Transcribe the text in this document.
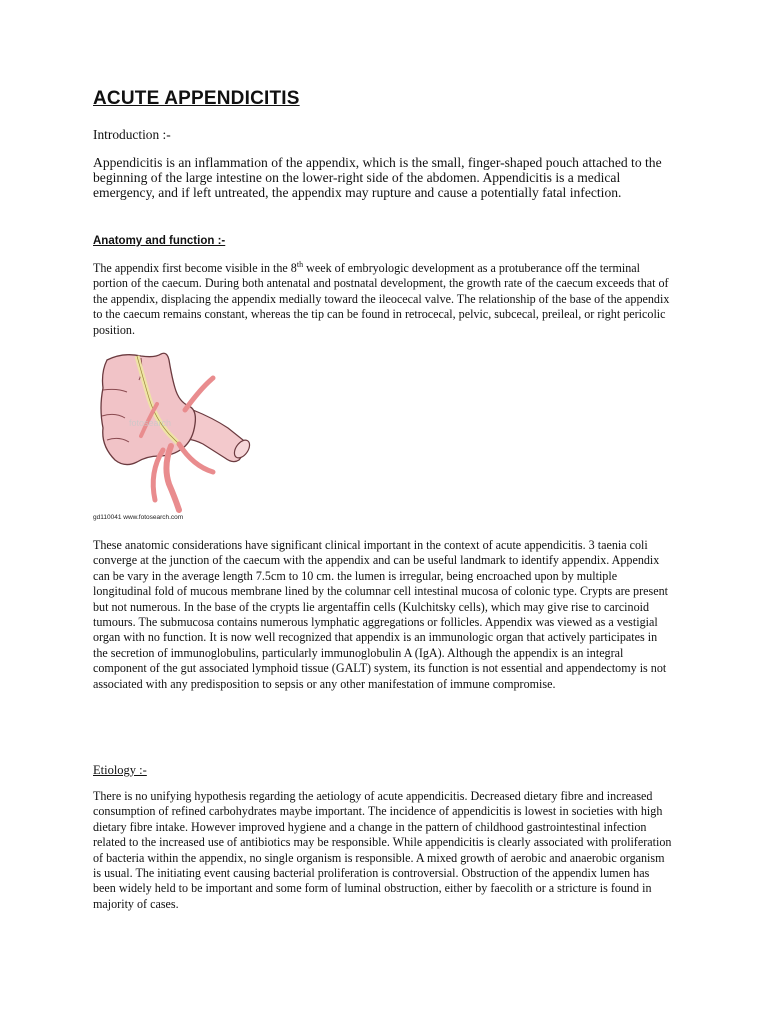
ACUTE APPENDICITIS
Introduction :-

Appendicitis is an inflammation of the appendix, which is the small, finger-shaped pouch attached to the beginning of the large intestine on the lower-right side of the abdomen. Appendicitis is a medical emergency, and if left untreated, the appendix may rupture and cause a potentially fatal infection.

Anatomy and function :-

The appendix first become visible in the 8th week of embryologic development as a protuberance off the terminal portion of the caecum. During both antenatal and postnatal development, the growth rate of the caecum exceeds that of the appendix, displacing the appendix medially toward the ileocecal valve. The relationship of the base of the appendix to the caecum remains constant, whereas the tip can be found in retrocecal, pelvic, subcecal, preileal, or right pericolic position.

fotosearch
gd110041 www.fotosearch.com

These anatomic considerations have significant clinical important in the context of acute appendicitis. 3 taenia coli converge at the junction of the caecum with the appendix and can be useful landmark to identify appendix. Appendix can be vary in the average length 7.5cm to 10 cm. the lumen is irregular, being encroached upon by multiple longitudinal fold of mucous membrane lined by the columnar cell intestinal mucosa of colonic type. Crypts are present but not numerous. In the base of the crypts lie argentaffin cells (Kulchitsky cells), which may give rise to carcinoid tumours. The submucosa contains numerous lymphatic aggregations or follicles. Appendix was viewed as a vestigial organ with no function. It is now well recognized that appendix is an immunologic organ that actively participates in the secretion of immunoglobulins, particularly immunoglobulin A (IgA). Although the appendix is an integral component of the gut associated lymphoid tissue (GALT) system, its function is not essential and appendectomy is not associated with any predisposition to sepsis or any other manifestation of immune compromise.

Etiology :-

There is no unifying hypothesis regarding the aetiology of acute appendicitis. Decreased dietary fibre and increased consumption of refined carbohydrates maybe important. The incidence of appendicitis is lowest in societies with high dietary fibre intake. However improved hygiene and a change in the pattern of childhood gastrointestinal infection related to the increased use of antibiotics may be responsible. While appendicitis is clearly associated with proliferation of bacteria within the appendix, no single organism is responsible. A mixed growth of aerobic and anaerobic organism is usual. The initiating event causing bacterial proliferation is controversial. Obstruction of the appendix lumen has been widely held to be important and some form of luminal obstruction, either by faecolith or a stricture is found in majority of cases.
